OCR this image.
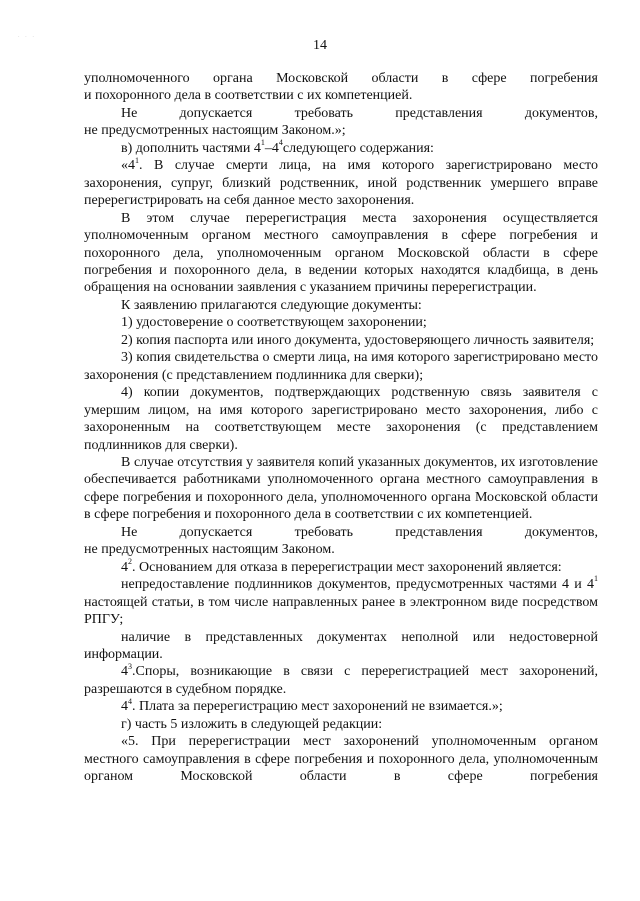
· · ·
14

уполномоченного органа Московской области в сфере погребения

и похоронного дела в соответствии с их компетенцией.

Не допускается требовать представления документов,

не предусмотренных настоящим Законом.»;

в) дополнить частями $4^1-4^4следующего$ содержания:

«$4^1$. В случае смерти лица, на имя которого зарегистрировано место захоронения, супруг, близкий родственник, иной родственник умершего вправе перерегистрировать на себя данное место захоронения.

В этом случае перерегистрация места захоронения осуществляется уполномоченным органом местного самоуправления в сфере погребения и похоронного дела, уполномоченным органом Московской области в сфере погребения и похоронного дела, в ведении которых находятся кладбища, в день обращения на основании заявления с указанием причины перерегистрации.

К заявлению прилагаются следующие документы:

1) удостоверение о соответствующем захоронении;

2) копия паспорта или иного документа, удостоверяющего личность заявителя;

3) копия свидетельства о смерти лица, на имя которого зарегистрировано место захоронения (с представлением подлинника для сверки);

4) копии документов, подтверждающих родственную связь заявителя с умершим лицом, на имя которого зарегистрировано место захоронения, либо с захороненным на соответствующем месте захоронения (с представлением подлинников для сверки).

В случае отсутствия у заявителя копий указанных документов, их изготовление обеспечивается работниками уполномоченного органа местного самоуправления в сфере погребения и похоронного дела, уполномоченного органа Московской области в сфере погребения и похоронного дела в соответствии с их компетенцией.

Не допускается требовать представления документов,

не предусмотренных настоящим Законом.

$4^2$. Основанием для отказа в перерегистрации мест захоронений является:

непредоставление подлинников документов, предусмотренных частями 4 и $4^1$ настоящей статьи, в том числе направленных ранее в электронном виде посредством РПГУ;

наличие в представленных документах неполной или недостоверной информации.

$4^3.Споры$, возникающие в связи с перерегистрацией мест захоронений, разрешаются в судебном порядке.

$4^4$. Плата за перерегистрацию мест захоронений не взимается.»;

г) часть 5 изложить в следующей редакции:

«5. При перерегистрации мест захоронений уполномоченным органом местного самоуправления в сфере погребения и похоронного дела, уполномоченным органом Московской области в сфере погребения
